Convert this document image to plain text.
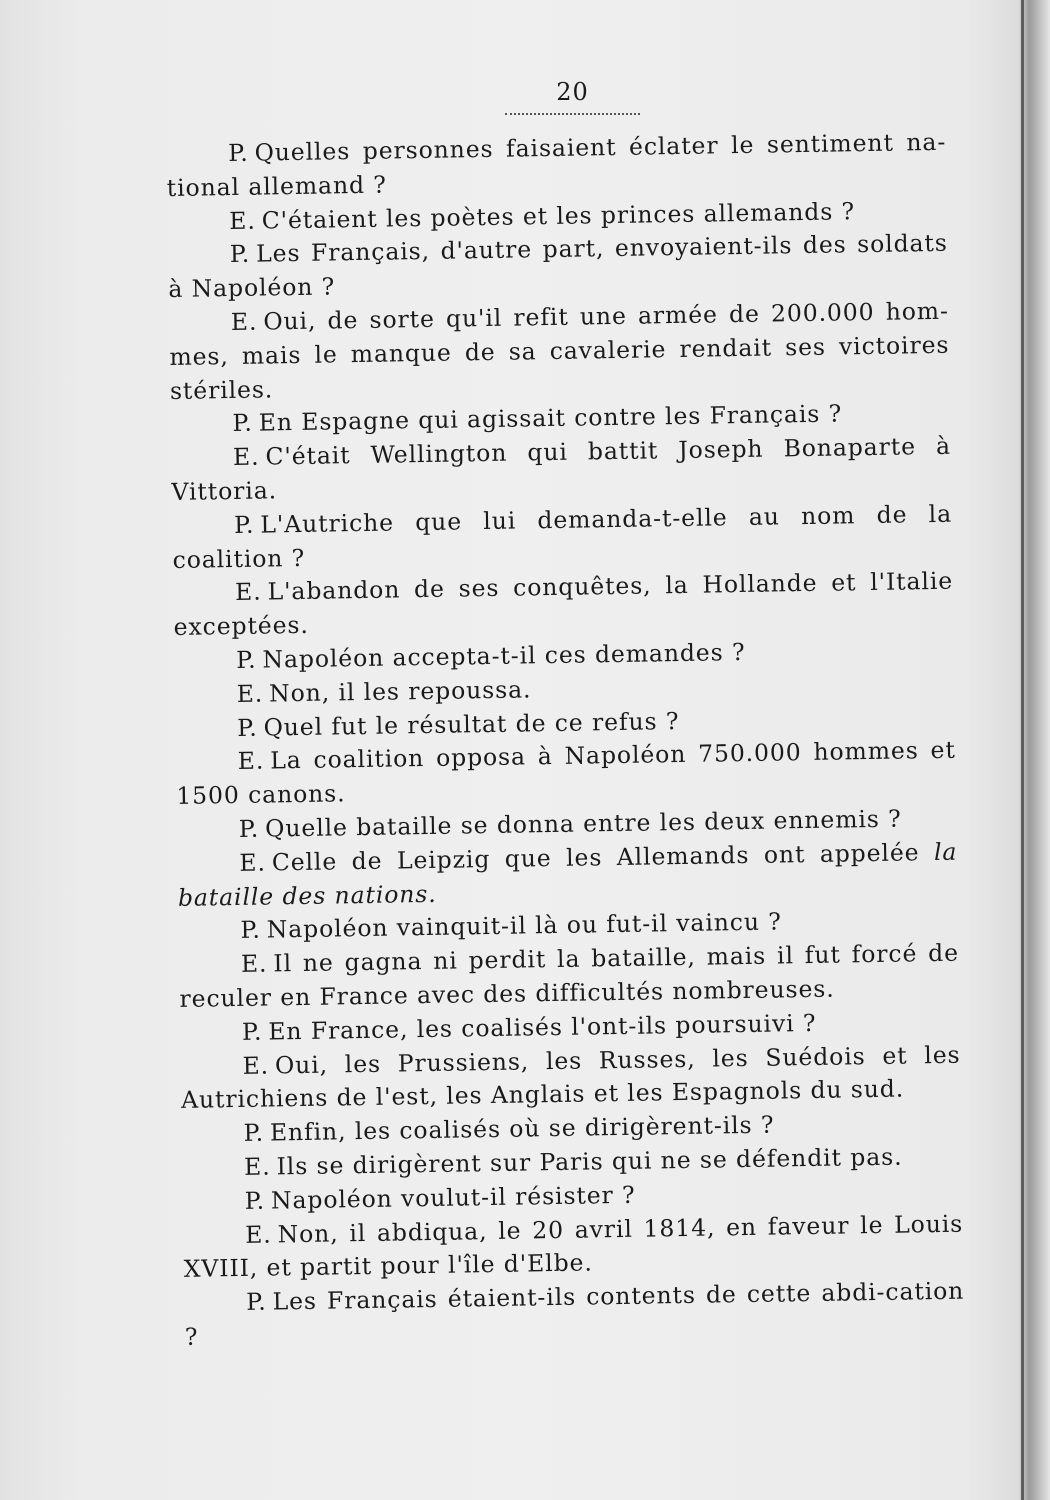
20

P. Quelles personnes faisaient éclater le sentiment na-tional allemand ?

E. C'étaient les poètes et les princes allemands ?

P. Les Français, d'autre part, envoyaient-ils des soldats à Napoléon ?

E. Oui, de sorte qu'il refit une armée de 200.000 hom-mes, mais le manque de sa cavalerie rendait ses victoires stériles.

P. En Espagne qui agissait contre les Français ?

E. C'était Wellington qui battit Joseph Bonaparte à Vittoria.

P. L'Autriche que lui demanda-t-elle au nom de la coalition ?

E. L'abandon de ses conquêtes, la Hollande et l'Italie exceptées.

P. Napoléon accepta-t-il ces demandes ?

E. Non, il les repoussa.

P. Quel fut le résultat de ce refus ?

E. La coalition opposa à Napoléon 750.000 hommes et 1500 canons.

P. Quelle bataille se donna entre les deux ennemis ?

E. Celle de Leipzig que les Allemands ont appelée la bataille des nations.

P. Napoléon vainquit-il là ou fut-il vaincu ?

E. Il ne gagna ni perdit la bataille, mais il fut forcé de reculer en France avec des difficultés nombreuses.

P. En France, les coalisés l'ont-ils poursuivi ?

E. Oui, les Prussiens, les Russes, les Suédois et les Autrichiens de l'est, les Anglais et les Espagnols du sud.

P. Enfin, les coalisés où se dirigèrent-ils ?

E. Ils se dirigèrent sur Paris qui ne se défendit pas.

P. Napoléon voulut-il résister ?

E. Non, il abdiqua, le 20 avril 1814, en faveur le Louis XVIII, et partit pour l'île d'Elbe.

P. Les Français étaient-ils contents de cette abdi-cation ?
